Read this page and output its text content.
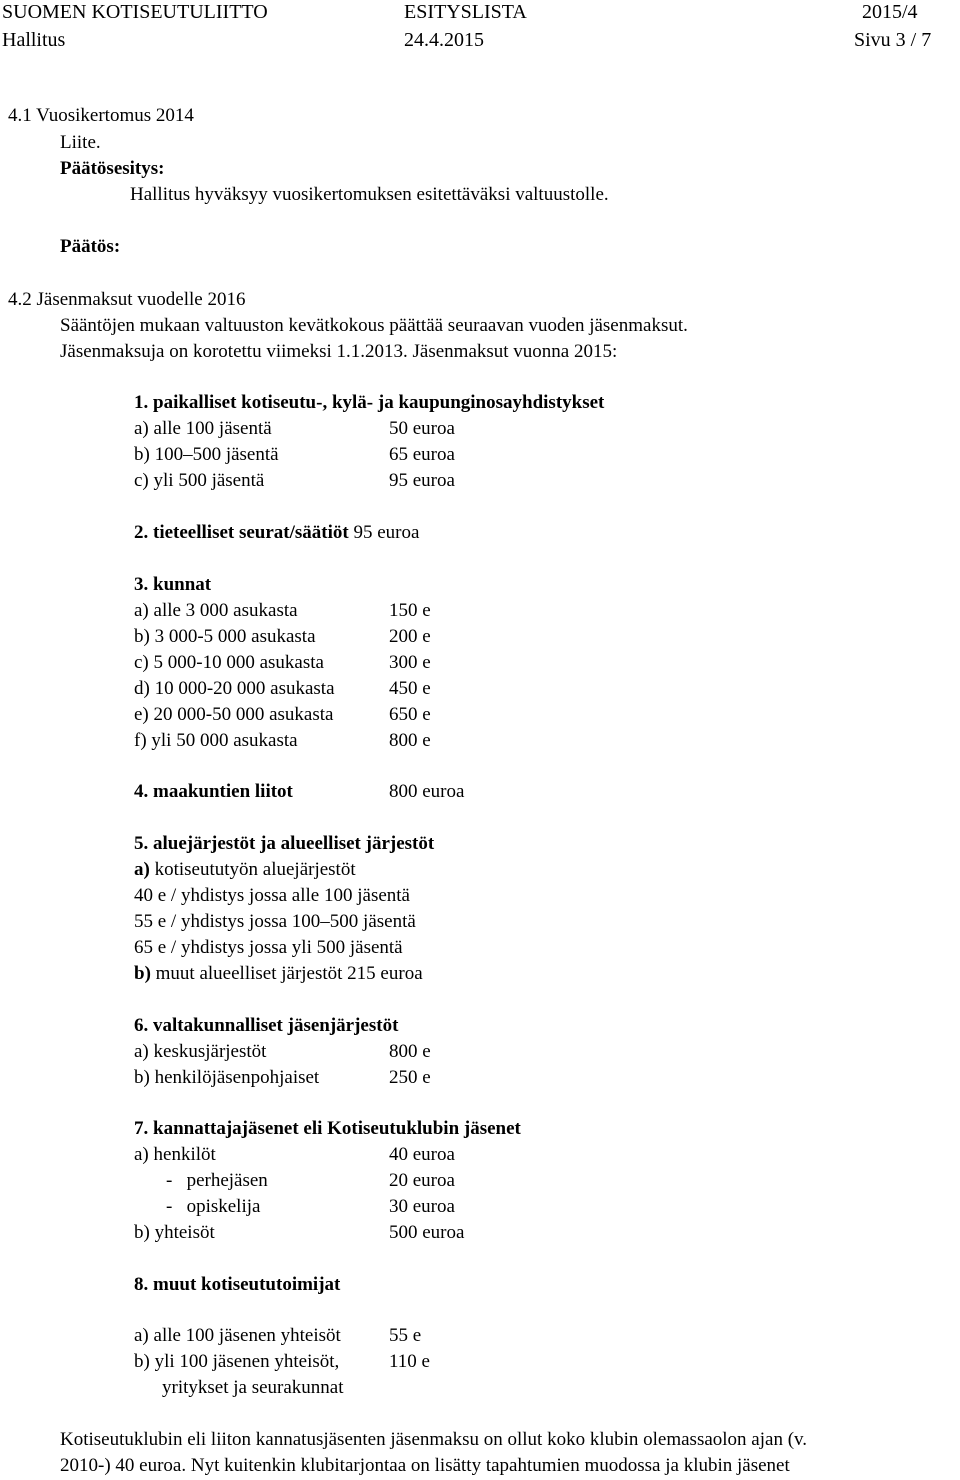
SUOMEN KOTISEUTULIITTO	ESITYSLISTA	2015/4
Hallitus	24.4.2015	Sivu 3 / 7
4.1 Vuosikertomus 2014
Liite.
Päätösesitys:
Hallitus hyväksyy vuosikertomuksen esitettäväksi valtuustolle.
Päätös:
4.2 Jäsenmaksut vuodelle 2016
Sääntöjen mukaan valtuuston kevätkokous päättää seuraavan vuoden jäsenmaksut.
Jäsenmaksuja on korotettu viimeksi 1.1.2013. Jäsenmaksut vuonna 2015:
1. paikalliset kotiseutu-, kylä- ja kaupunginosayhdistykset
a) alle 100 jäsentä	50 euroa
b) 100–500 jäsentä	65 euroa
c) yli 500 jäsentä	95 euroa
2. tieteelliset seurat/säätiöt 95 euroa
3. kunnat
a) alle 3 000 asukasta	150 e
b) 3 000-5 000 asukasta	200 e
c) 5 000-10 000 asukasta	300 e
d) 10 000-20 000 asukasta	450 e
e) 20 000-50 000 asukasta	650 e
f) yli 50 000 asukasta	800 e
4. maakuntien liitot	800 euroa
5. aluejärjestöt ja alueelliset järjestöt
a) kotiseututyön aluejärjestöt
40 e / yhdistys jossa alle 100 jäsentä
55 e / yhdistys jossa 100–500 jäsentä
65 e / yhdistys jossa yli 500 jäsentä
b) muut alueelliset järjestöt 215 euroa
6. valtakunnalliset jäsenjärjestöt
a) keskusjärjestöt	800 e
b) henkilöjäsenpohjaiset	250 e
7. kannattajajäsenet eli Kotiseutuklubin jäsenet
a) henkilöt	40 euroa
-   perhejäsen	20 euroa
-   opiskelija	30 euroa
b) yhteisöt	500 euroa
8. muut kotiseututoimijat
a) alle 100 jäsenen yhteisöt	55 e
b) yli 100 jäsenen yhteisöt,	110 e
yritykset ja seurakunnat
Kotiseutuklubin eli liiton kannatusjäsenten jäsenmaksu on ollut koko klubin olemassaolon ajan (v.
2010-) 40 euroa. Nyt kuitenkin klubitarjontaa on lisätty tapahtumien muodossa ja klubin jäsenet
